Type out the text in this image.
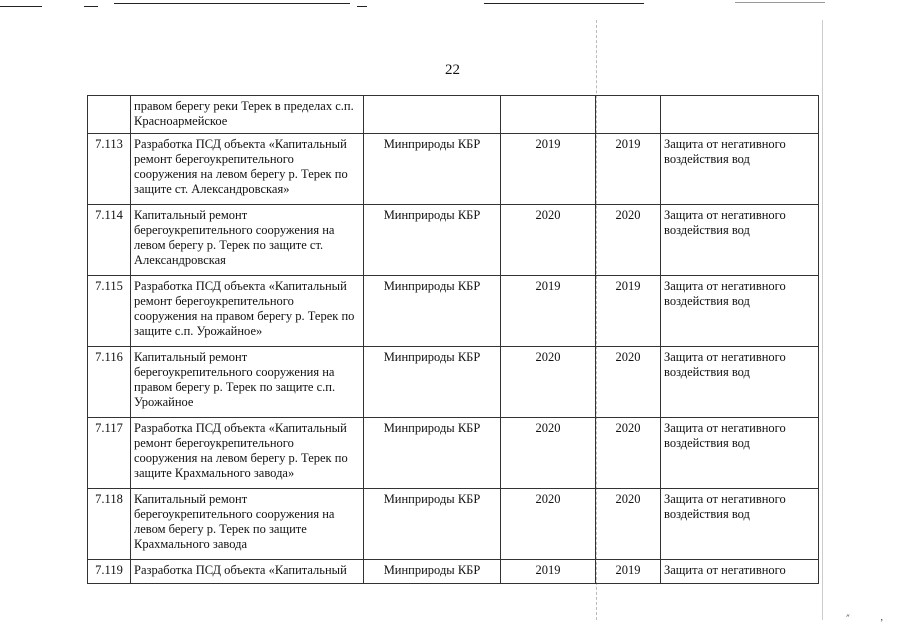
22
	правом берегу реки Терек в пределах с.п. Красноармейское				
7.113	Разработка ПСД объекта «Капитальный ремонт берегоукрепительного сооружения на левом берегу р. Терек по защите ст. Александровская»	Минприроды КБР	2019	2019	Защита от негативного воздействия вод
7.114	Капитальный ремонт берегоукрепительного сооружения на левом берегу р. Терек по защите ст. Александровская	Минприроды КБР	2020	2020	Защита от негативного воздействия вод
7.115	Разработка ПСД объекта «Капитальный ремонт берегоукрепительного сооружения на правом берегу р. Терек по защите с.п. Урожайное»	Минприроды КБР	2019	2019	Защита от негативного воздействия вод
7.116	Капитальный ремонт берегоукрепительного сооружения на правом берегу р. Терек по защите с.п. Урожайное	Минприроды КБР	2020	2020	Защита от негативного воздействия вод
7.117	Разработка ПСД объекта «Капитальный ремонт берегоукрепительного сооружения на левом берегу р. Терек по защите Крахмального завода»	Минприроды КБР	2020	2020	Защита от негативного воздействия вод
7.118	Капитальный ремонт берегоукрепительного сооружения на левом берегу р. Терек по защите Крахмального завода	Минприроды КБР	2020	2020	Защита от негативного воздействия вод
7.119	Разработка ПСД объекта «Капитальный	Минприроды КБР	2019	2019	Защита от негативного
״	‚
